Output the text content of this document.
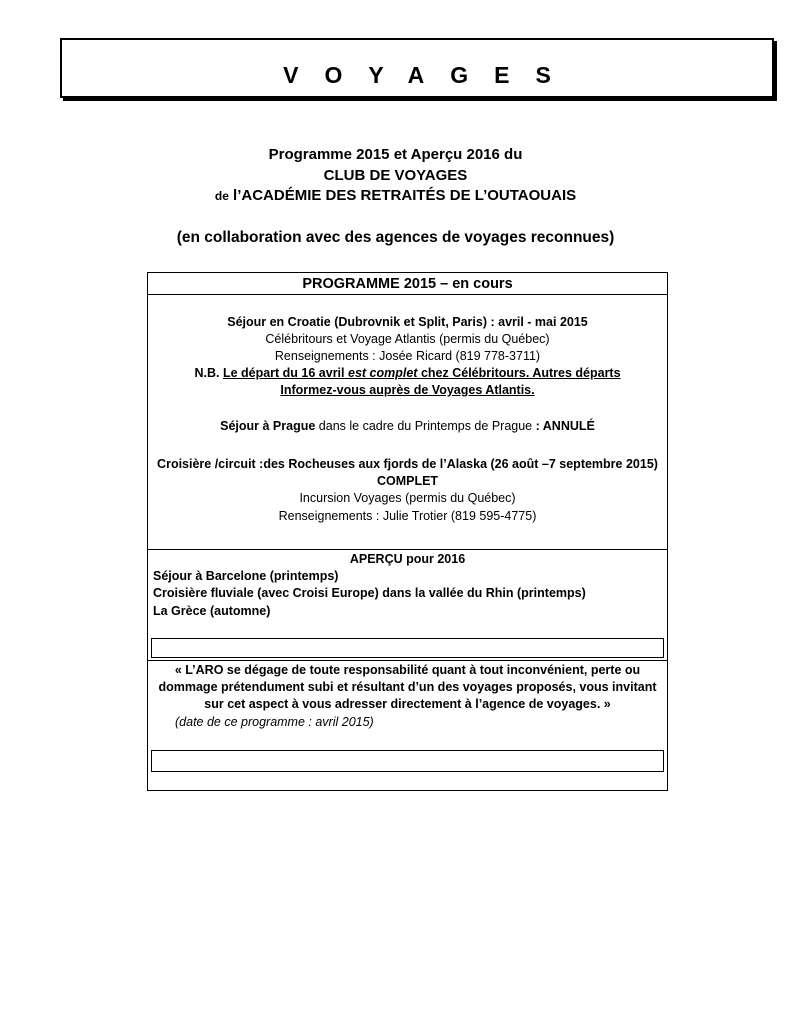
VOYAGES
Programme 2015 et Aperçu 2016 du
CLUB DE VOYAGES
de l’ACADÉMIE DES RETRAITÉS DE L’OUTAOUAIS
(en collaboration avec des agences de voyages reconnues)
PROGRAMME 2015 – en cours
Séjour en Croatie (Dubrovnik et Split, Paris) : avril - mai 2015
Célébritours et Voyage Atlantis (permis du Québec)
Renseignements : Josée Ricard (819 778-3711)
N.B. Le départ du 16 avril est complet chez Célébritours. Autres départs
Informez-vous auprès de Voyages Atlantis.
Séjour à Prague dans le cadre du Printemps de Prague : ANNULÉ
Croisière /circuit :des Rocheuses aux fjords de l’Alaska (26 août –7 septembre 2015)
COMPLET
Incursion Voyages (permis du Québec)
Renseignements : Julie Trotier (819 595-4775)
APERÇU pour 2016
Séjour à Barcelone (printemps)
Croisière fluviale (avec Croisi Europe) dans la vallée du Rhin (printemps)
La Grèce (automne)
« L’ARO se dégage de toute responsabilité quant à tout inconvénient, perte ou
dommage prétendument subi et résultant d’un des voyages proposés, vous invitant
sur cet aspect à vous adresser directement à l’agence de voyages. »
(date de ce programme : avril 2015)
